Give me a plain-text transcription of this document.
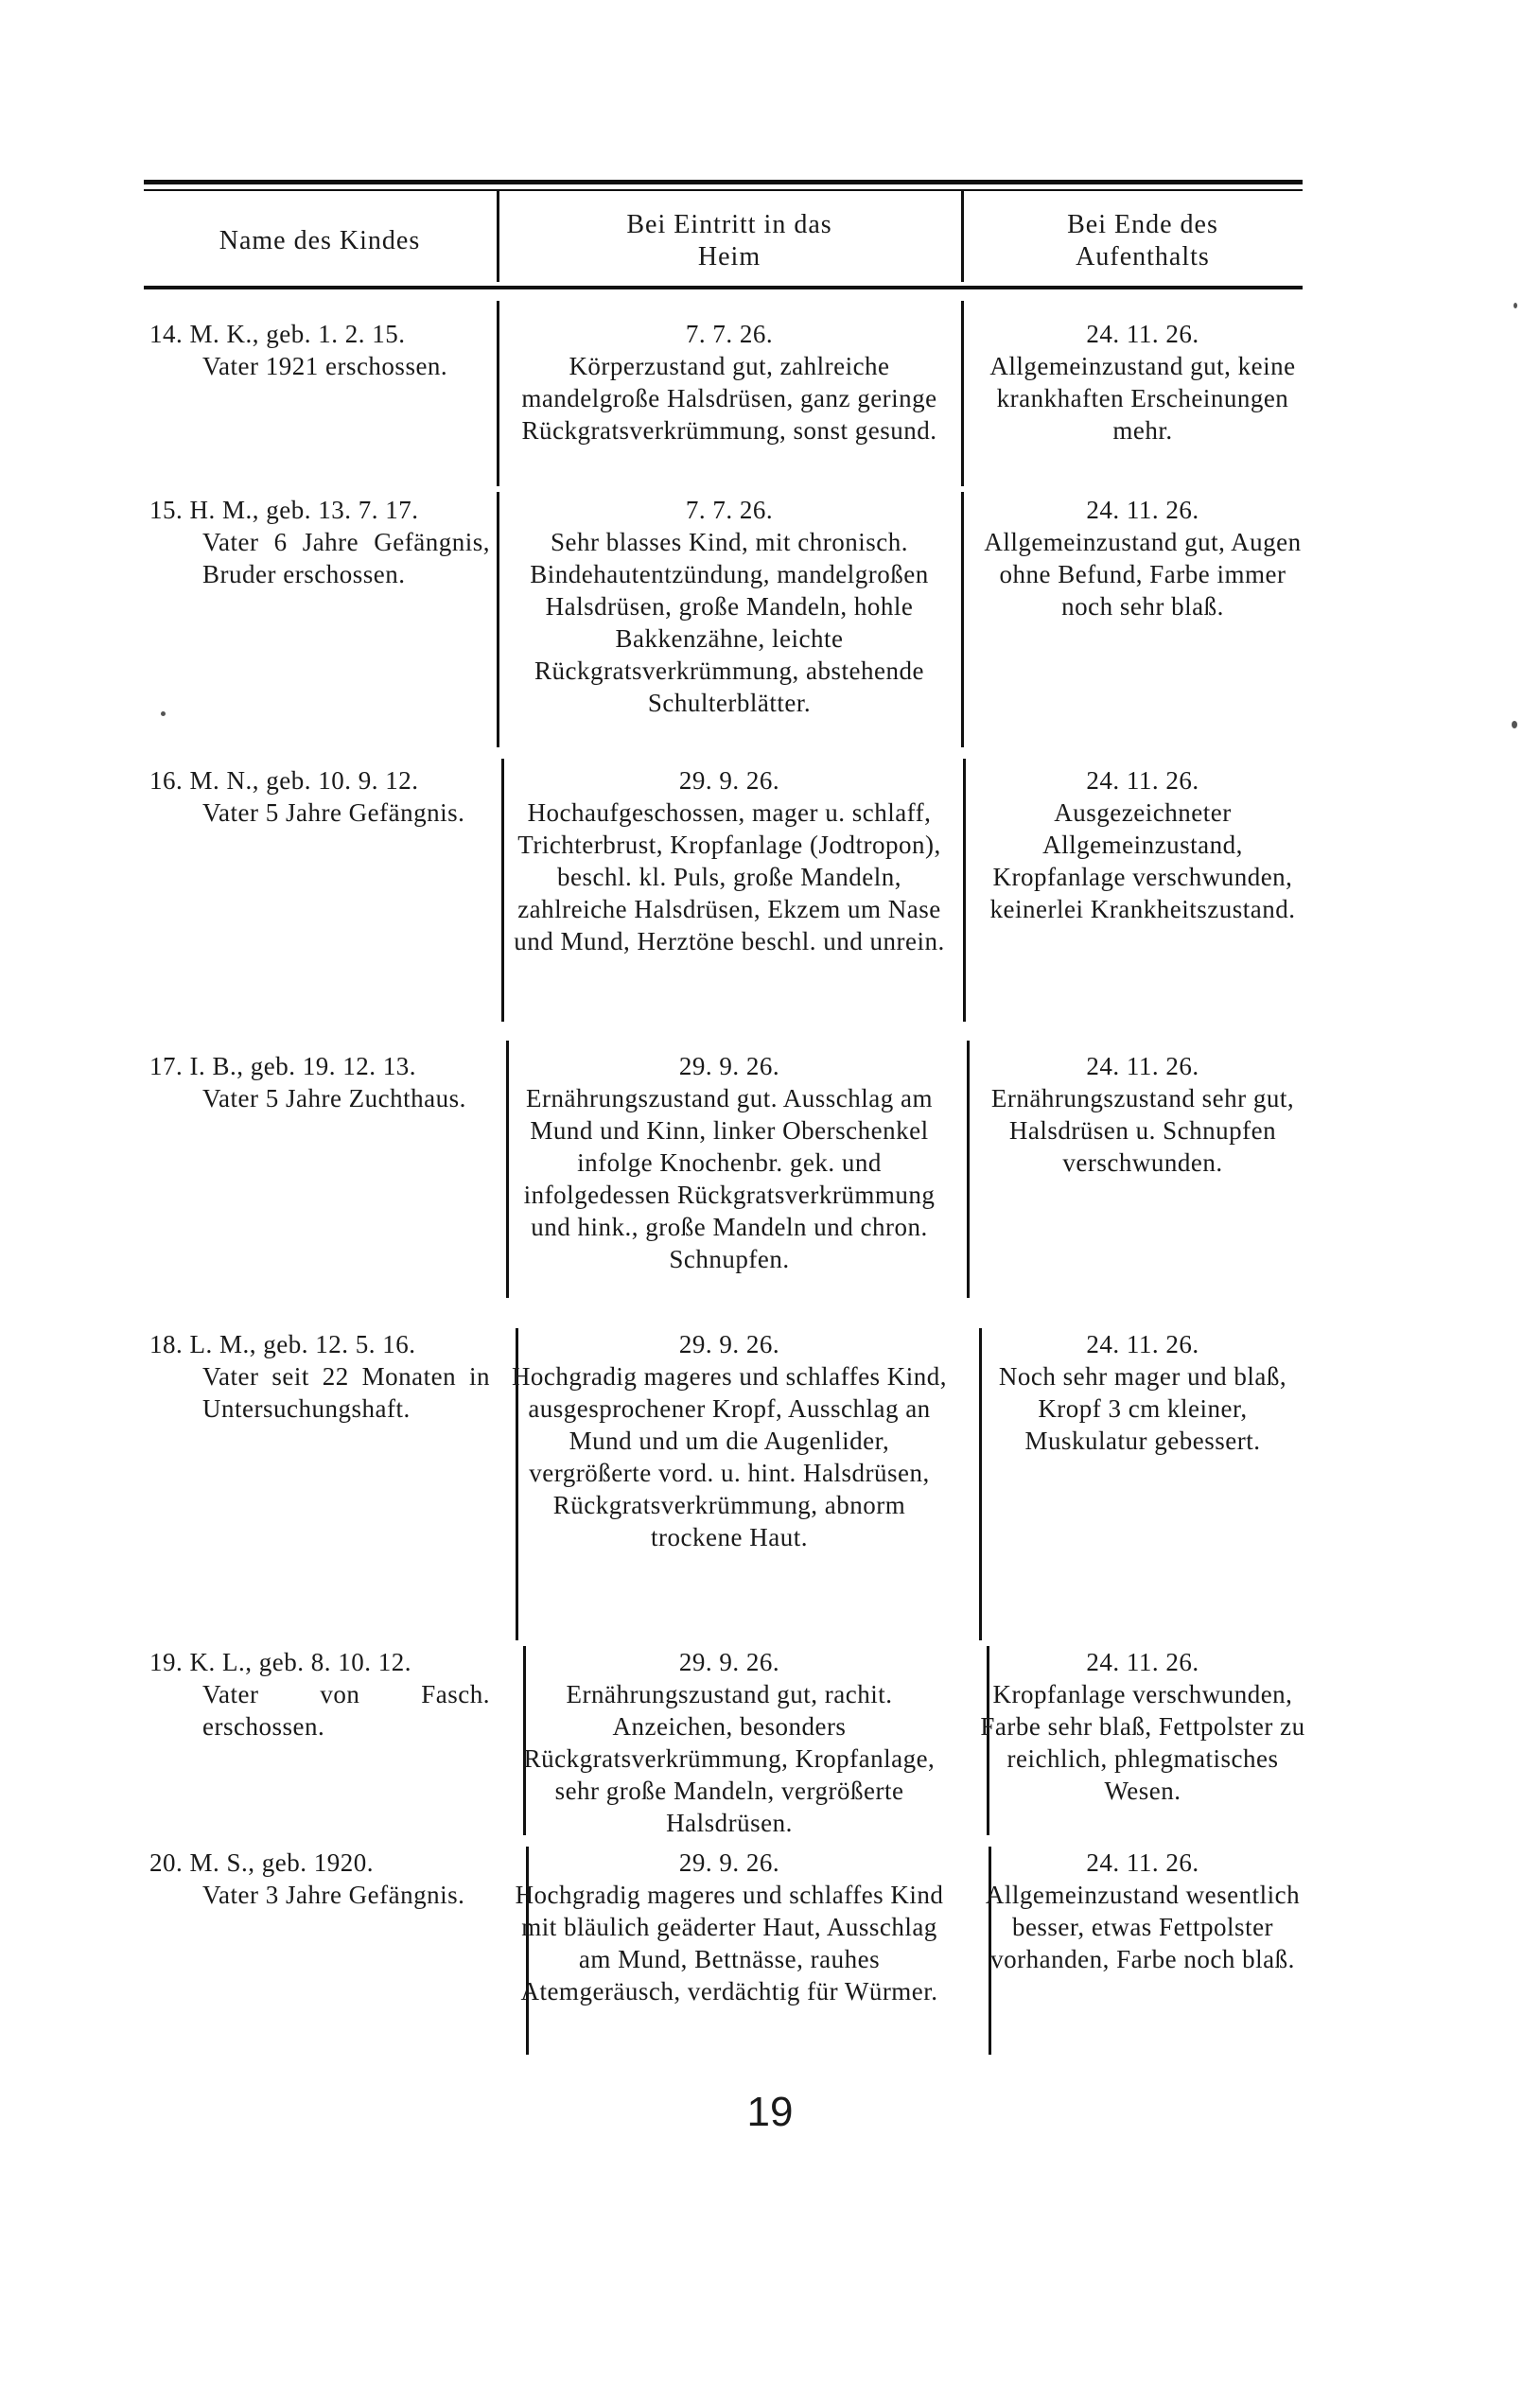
Name des Kindes
Bei Eintritt in das
Heim
Bei Ende des
Aufenthalts
14. M. K., geb. 1. 2. 15.
Vater 1921 erschossen.
7. 7. 26.
Körperzustand gut, zahlreiche mandelgroße Halsdrüsen, ganz geringe Rückgratsverkrümmung, sonst gesund.
24. 11. 26.
Allgemeinzustand gut, keine krankhaften Erscheinungen mehr.
15. H. M., geb. 13. 7. 17.
Vater 6 Jahre Gefängnis, Bruder erschossen.
7. 7. 26.
Sehr blasses Kind, mit chronisch. Bindehautentzündung, mandelgroßen Halsdrüsen, große Mandeln, hohle Bakkenzähne, leichte Rückgratsverkrümmung, abstehende Schulterblätter.
24. 11. 26.
Allgemeinzustand gut, Augen ohne Befund, Farbe immer noch sehr blaß.
16. M. N., geb. 10. 9. 12.
Vater 5 Jahre Gefängnis.
29. 9. 26.
Hochaufgeschossen, mager u. schlaff, Trichterbrust, Kropfanlage (Jodtropon), beschl. kl. Puls, große Mandeln, zahlreiche Halsdrüsen, Ekzem um Nase und Mund, Herztöne beschl. und unrein.
24. 11. 26.
Ausgezeichneter Allgemeinzustand, Kropfanlage verschwunden, keinerlei Krankheitszustand.
17. I. B., geb. 19. 12. 13.
Vater 5 Jahre Zuchthaus.
29. 9. 26.
Ernährungszustand gut. Ausschlag am Mund und Kinn, linker Oberschenkel infolge Knochenbr. gek. und infolgedessen Rückgratsverkrümmung und hink., große Mandeln und chron. Schnupfen.
24. 11. 26.
Ernährungszustand sehr gut, Halsdrüsen u. Schnupfen verschwunden.
18. L. M., geb. 12. 5. 16.
Vater seit 22 Monaten in Untersuchungshaft.
29. 9. 26.
Hochgradig mageres und schlaffes Kind, ausgesprochener Kropf, Ausschlag an Mund und um die Augenlider, vergrößerte vord. u. hint. Halsdrüsen, Rückgratsverkrümmung, abnorm trockene Haut.
24. 11. 26.
Noch sehr mager und blaß, Kropf 3 cm kleiner, Muskulatur gebessert.
19. K. L., geb. 8. 10. 12.
Vater von Fasch. erschossen.
29. 9. 26.
Ernährungszustand gut, rachit. Anzeichen, besonders Rückgratsverkrümmung, Kropfanlage, sehr große Mandeln, vergrößerte Halsdrüsen.
24. 11. 26.
Kropfanlage verschwunden, Farbe sehr blaß, Fettpolster zu reichlich, phlegmatisches Wesen.
20. M. S., geb. 1920.
Vater 3 Jahre Gefängnis.
29. 9. 26.
Hochgradig mageres und schlaffes Kind mit bläulich geäderter Haut, Ausschlag am Mund, Bettnässe, rauhes Atemgeräusch, verdächtig für Würmer.
24. 11. 26.
Allgemeinzustand wesentlich besser, etwas Fettpolster vorhanden, Farbe noch blaß.
19
